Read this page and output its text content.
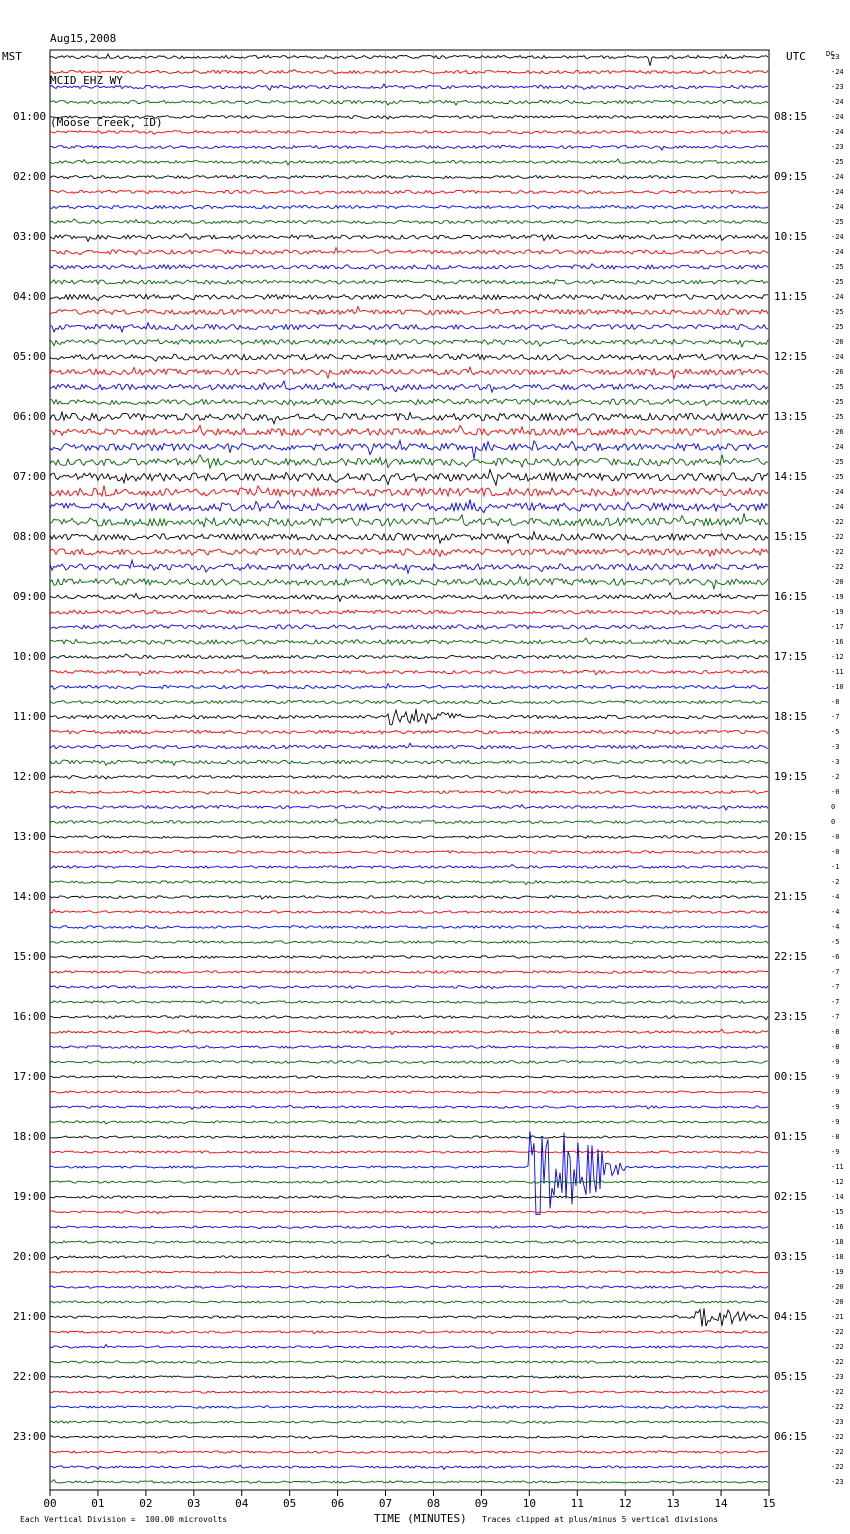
Aug15,2008

MCID EHZ WY

(Moose Creek, ID)

MST	UTC	DC
01:00
02:00
03:00
04:00
05:00
06:00
07:00
08:00
09:00
10:00
11:00
12:00
13:00
14:00
15:00
16:00
17:00
18:00
19:00
20:00
21:00
22:00
23:00
08:15
09:15
10:15
11:15
12:15
13:15
14:15
15:15
16:15
17:15
18:15
19:15
20:15
21:15
22:15
23:15
00:15
01:15
02:15
03:15
04:15
05:15
06:15
23
-24
-23
-24
-24
-24
-23
-25
-24
-24
-24
-25
-24
-24
-25
-25
-24
-25
-25
-26
-24
-26
-25
-25
-25
-26
-24
-25
-25
-24
-24
-22
-22
-22
-22
-20
-19
-19
-17
-16
-12
-11
-10
-8
-7
-5
-3
-3
-2
-0
0
0
-0
-0
-1
-2
-4
-4
-4
-5
-6
-7
-7
-7
-7
-8
-8
-9
-9
-9
-9
-9
-8
-9
-11
-12
-14
-15
-16
-18
-18
-19
-20
-20
-21
-22
-22
-22
-23
-22
-22
-23
-22
-22
-22
-23
00	01	02	03	04	05	06	07	08	09	10	11	12	13	14	15
Each Vertical Division =  100.00 microvolts	TIME (MINUTES) Traces clipped at plus/minus 5 vertical divisions
